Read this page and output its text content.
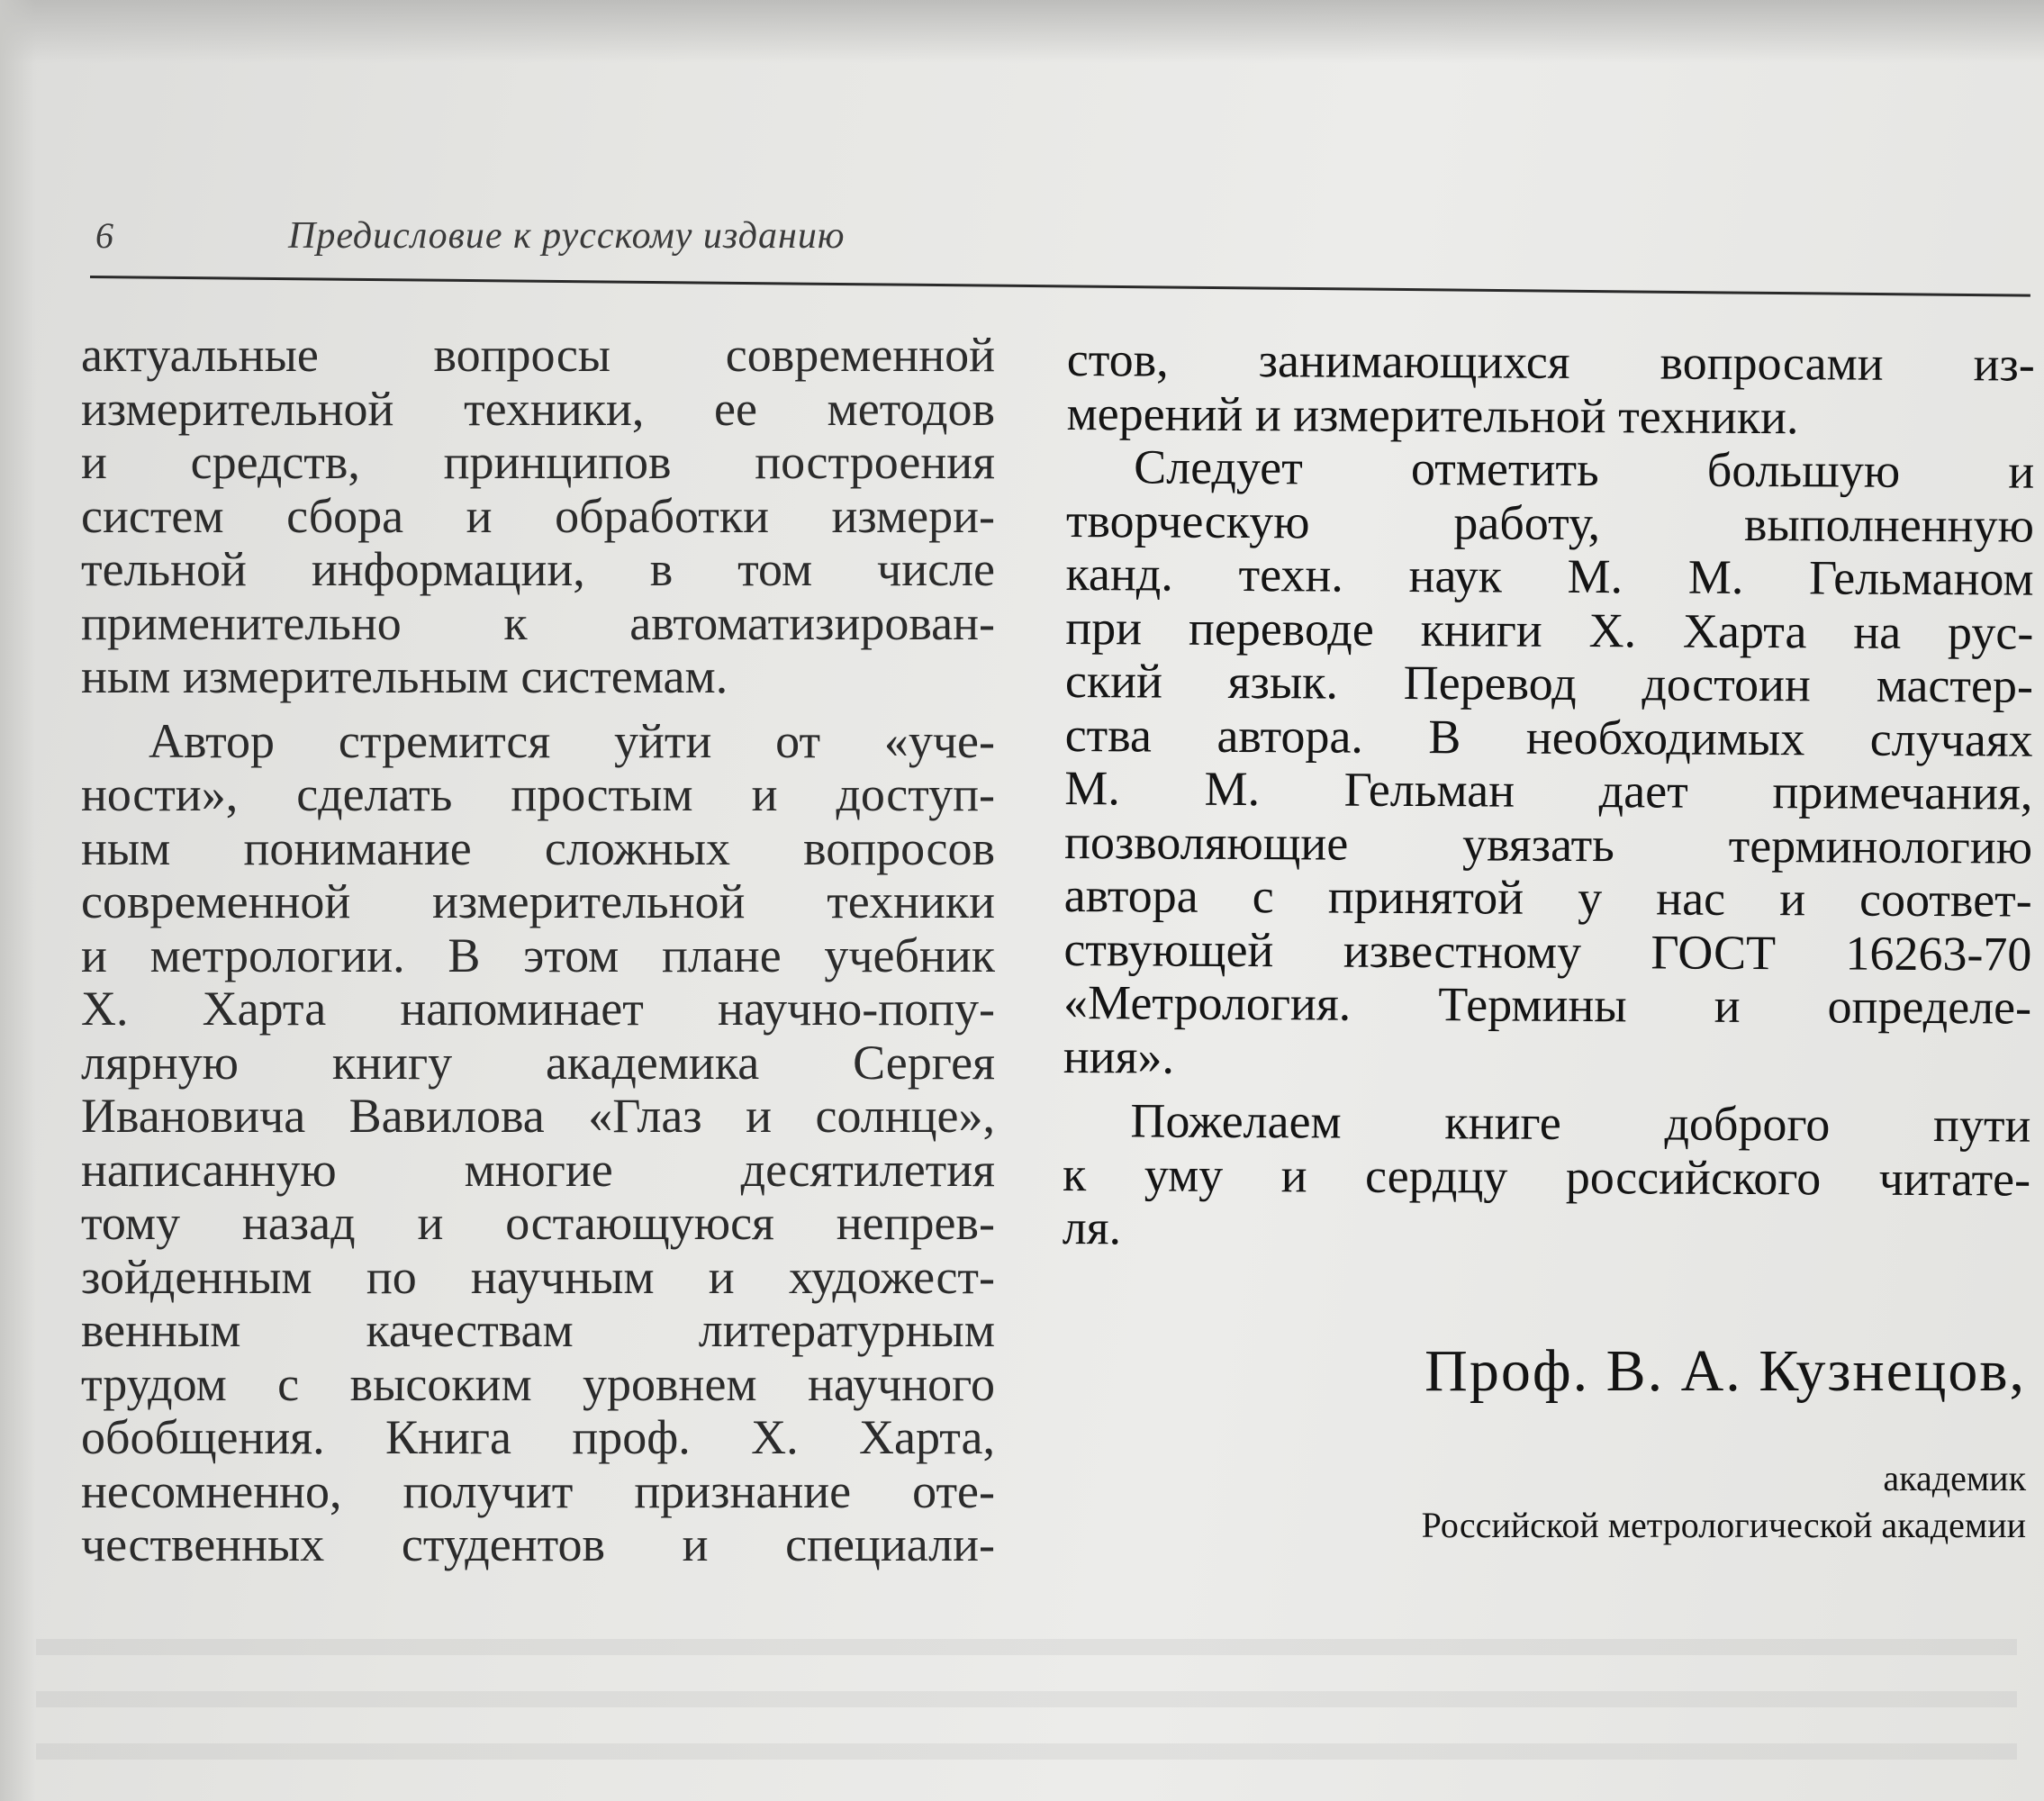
6	Предисловие к русскому изданию

актуальные вопросы современной

измерительной техники, ее методов

и средств, принципов построения

систем сбора и обработки измери-

тельной информации, в том числе

применительно к автоматизирован-

ным измерительным системам.

Автор стремится уйти от «уче-

ности», сделать простым и доступ-

ным понимание сложных вопросов

современной измерительной техники

и метрологии. В этом плане учебник

Х. Харта напоминает научно-попу-

лярную книгу академика Сергея

Ивановича Вавилова «Глаз и солнце»,

написанную многие десятилетия

тому назад и остающуюся непрев-

зойденным по научным и художест-

венным качествам литературным

трудом с высоким уровнем научного

обобщения. Книга проф. Х. Харта,

несомненно, получит признание оте-

чественных студентов и специали-

стов, занимающихся вопросами из-

мерений и измерительной техники.

Следует отметить большую и

творческую работу, выполненную

канд. техн. наук М. М. Гельманом

при переводе книги Х. Харта на рус-

ский язык. Перевод достоин мастер-

ства автора. В необходимых случаях

М. М. Гельман дает примечания,

позволяющие увязать терминологию

автора с принятой у нас и соответ-

ствующей известному ГОСТ 16263-70

«Метрология. Термины и определе-

ния».

Пожелаем книге доброго пути

к уму и сердцу российского читате-

ля.

Проф. В. А. Кузнецов,
академик
Российской метрологической академии
